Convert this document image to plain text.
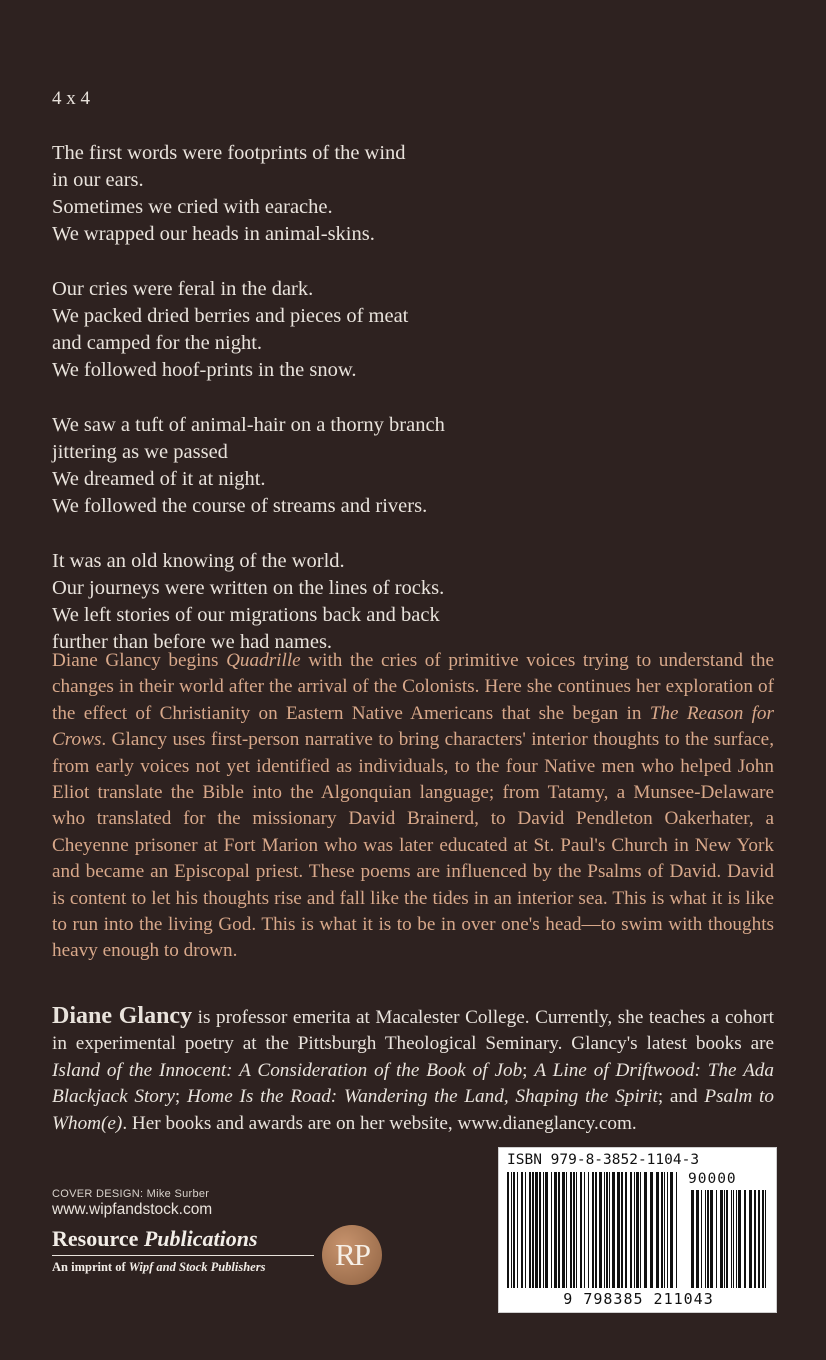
4 x 4
The first words were footprints of the wind
in our ears.
Sometimes we cried with earache.
We wrapped our heads in animal-skins.
Our cries were feral in the dark.
We packed dried berries and pieces of meat
and camped for the night.
We followed hoof-prints in the snow.
We saw a tuft of animal-hair on a thorny branch
jittering as we passed
We dreamed of it at night.
We followed the course of streams and rivers.
It was an old knowing of the world.
Our journeys were written on the lines of rocks.
We left stories of our migrations back and back
further than before we had names.

Diane Glancy begins Quadrille with the cries of primitive voices trying to understand the changes in their world after the arrival of the Colonists. Here she continues her exploration of the effect of Christianity on Eastern Native Americans that she began in The Reason for Crows. Glancy uses first-person narrative to bring characters' interior thoughts to the surface, from early voices not yet identified as individuals, to the four Native men who helped John Eliot translate the Bible into the Algonquian language; from Tatamy, a Munsee-Delaware who translated for the missionary David Brainerd, to David Pendleton Oakerhater, a Cheyenne prisoner at Fort Marion who was later educated at St. Paul's Church in New York and became an Episcopal priest. These poems are influenced by the Psalms of David. David is content to let his thoughts rise and fall like the tides in an interior sea. This is what it is like to run into the living God. This is what it is to be in over one's head—to swim with thoughts heavy enough to drown.

Diane Glancy is professor emerita at Macalester College. Currently, she teaches a cohort in experimental poetry at the Pittsburgh Theological Seminary. Glancy's latest books are Island of the Innocent: A Consideration of the Book of Job; A Line of Driftwood: The Ada Blackjack Story; Home Is the Road: Wandering the Land, Shaping the Spirit; and Psalm to Whom(e). Her books and awards are on her website, www.dianeglancy.com.

COVER DESIGN: Mike Surber
www.wipfandstock.com
Resource Publications
An imprint of Wipf and Stock Publishers	RP
ISBN 979-8-3852-1104-3
90000
9 798385 211043
